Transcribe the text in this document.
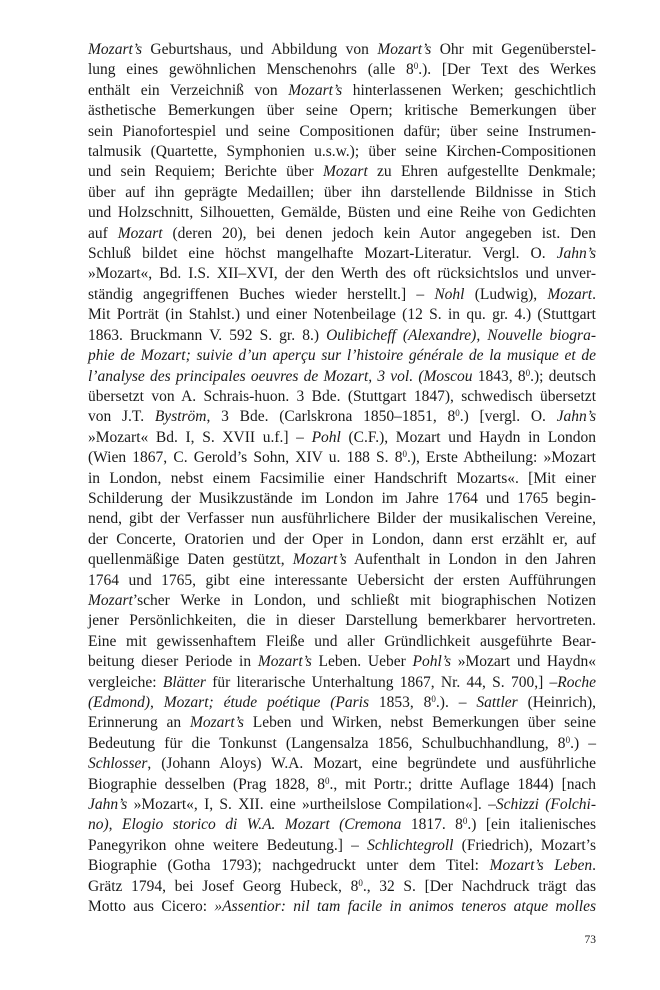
Mozart’s Geburtshaus, und Abbildung von Mozart’s Ohr mit Gegenüberstel-
lung eines gewöhnlichen Menschenohrs (alle $8^0$.). [Der Text des Werkes
enthält ein Verzeichniß von Mozart’s hinterlassenen Werken; geschichtlich
ästhetische Bemerkungen über seine Opern; kritische Bemerkungen über
sein Pianofortespiel und seine Compositionen dafür; über seine Instrumen-
talmusik (Quartette, Symphonien u.s.w.); über seine Kirchen-Compositionen
und sein Requiem; Berichte über Mozart zu Ehren aufgestellte Denkmale;
über auf ihn geprägte Medaillen; über ihn darstellende Bildnisse in Stich
und Holzschnitt, Silhouetten, Gemälde, Büsten und eine Reihe von Gedichten
auf Mozart (deren 20), bei denen jedoch kein Autor angegeben ist. Den
Schluß bildet eine höchst mangelhafte Mozart-Literatur. Vergl. O. Jahn’s
»Mozart«, Bd. I.S. XII–XVI, der den Werth des oft rücksichtslos und unver-
ständig angegriffenen Buches wieder herstellt.] – Nohl (Ludwig), Mozart.
Mit Porträt (in Stahlst.) und einer Notenbeilage (12 S. in qu. gr. 4.) (Stuttgart
1863. Bruckmann V. 592 S. gr. 8.) Oulibicheff (Alexandre), Nouvelle biogra-
phie de Mozart; suivie d’un aperçu sur l’histoire générale de la musique et de
l’analyse des principales oeuvres de Mozart, 3 vol. (Moscou 1843, $8^0$.); deutsch
übersetzt von A. Schrais-huon. 3 Bde. (Stuttgart 1847), schwedisch übersetzt
von J.T. Byström, 3 Bde. (Carlskrona 1850–1851, $8^0$.) [vergl. O. Jahn’s
»Mozart« Bd. I, S. XVII u.f.] – Pohl (C.F.), Mozart und Haydn in London
(Wien 1867, C. Gerold’s Sohn, XIV u. 188 S. $8^0$.), Erste Abtheilung: »Mozart
in London, nebst einem Facsimilie einer Handschrift Mozarts«. [Mit einer
Schilderung der Musikzustände im London im Jahre 1764 und 1765 begin-
nend, gibt der Verfasser nun ausführlichere Bilder der musikalischen Vereine,
der Concerte, Oratorien und der Oper in London, dann erst erzählt er, auf
quellenmäßige Daten gestützt, Mozart’s Aufenthalt in London in den Jahren
1764 und 1765, gibt eine interessante Uebersicht der ersten Aufführungen
Mozart’scher Werke in London, und schließt mit biographischen Notizen
jener Persönlichkeiten, die in dieser Darstellung bemerkbarer hervortreten.
Eine mit gewissenhaftem Fleiße und aller Gründlichkeit ausgeführte Bear-
beitung dieser Periode in Mozart’s Leben. Ueber Pohl’s »Mozart und Haydn«
vergleiche: Blätter für literarische Unterhaltung 1867, Nr. 44, S. 700,] –Roche
(Edmond), Mozart; étude poétique (Paris 1853, $8^0$.). – Sattler (Heinrich),
Erinnerung an Mozart’s Leben und Wirken, nebst Bemerkungen über seine
Bedeutung für die Tonkunst (Langensalza 1856, Schulbuchhandlung, $8^0$.) –
Schlosser, (Johann Aloys) W.A. Mozart, eine begründete und ausführliche
Biographie desselben (Prag 1828, $8^0$., mit Portr.; dritte Auflage 1844) [nach
Jahn’s »Mozart«, I, S. XII. eine »urtheilslose Compilation«]. –Schizzi (Folchi-
no), Elogio storico di W.A. Mozart (Cremona 1817. $8^0$.) [ein italienisches
Panegyrikon ohne weitere Bedeutung.] – Schlichtegroll (Friedrich), Mozart’s
Biographie (Gotha 1793); nachgedruckt unter dem Titel: Mozart’s Leben.
Grätz 1794, bei Josef Georg Hubeck, $8^0$., 32 S. [Der Nachdruck trägt das
Motto aus Cicero: »Assentior: nil tam facile in animos teneros atque molles
73
